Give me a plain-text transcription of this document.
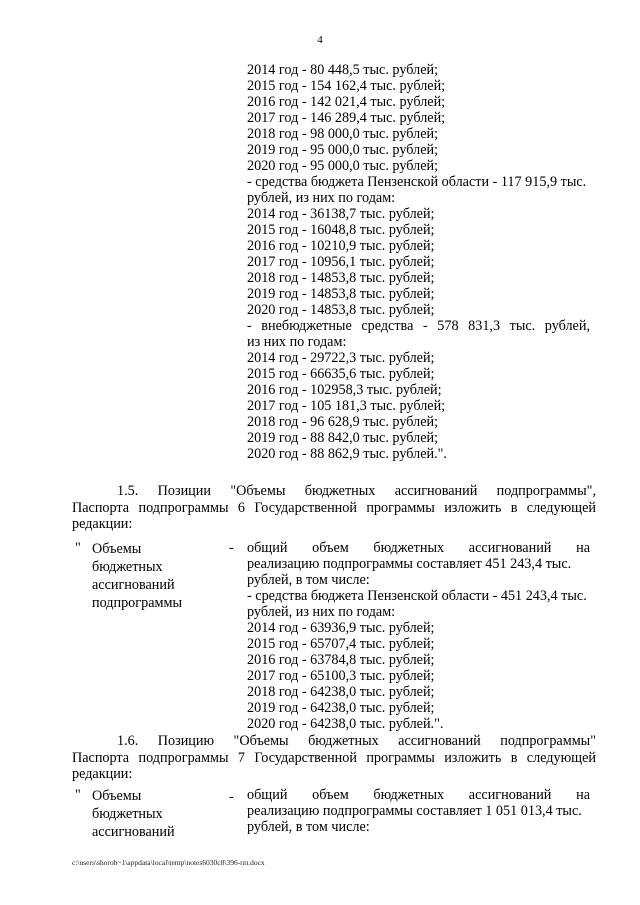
4
2014 год - 80 448,5 тыс. рублей;
2015 год - 154 162,4 тыс. рублей;
2016 год - 142 021,4 тыс. рублей;
2017 год - 146 289,4 тыс. рублей;
2018 год - 98 000,0 тыс. рублей;
2019 год - 95 000,0 тыс. рублей;
2020 год - 95 000,0 тыс. рублей;
- средства бюджета Пензенской области - 117 915,9 тыс.
рублей, из них по годам:
2014 год - 36138,7 тыс. рублей;
2015 год - 16048,8 тыс. рублей;
2016 год - 10210,9 тыс. рублей;
2017 год - 10956,1 тыс. рублей;
2018 год - 14853,8 тыс. рублей;
2019 год - 14853,8 тыс. рублей;
2020 год - 14853,8 тыс. рублей;
- внебюджетные средства - 578 831,3 тыс. рублей,
из них по годам:
2014 год - 29722,3 тыс. рублей;
2015 год - 66635,6 тыс. рублей;
2016 год - 102958,3 тыс. рублей;
2017 год - 105 181,3 тыс. рублей;
2018 год - 96 628,9 тыс. рублей;
2019 год - 88 842,0 тыс. рублей;
2020 год - 88 862,9 тыс. рублей.".
1.5. Позиции "Объемы бюджетных ассигнований подпрограммы",
Паспорта подпрограммы 6 Государственной программы изложить в следующей
редакции:
" Объемы
бюджетных
ассигнований
подпрограммы
- общий объем бюджетных ассигнований на
реализацию подпрограммы составляет 451 243,4 тыс.
рублей, в том числе:
- средства бюджета Пензенской области - 451 243,4 тыс.
рублей, из них по годам:
2014 год - 63936,9 тыс. рублей;
2015 год - 65707,4 тыс. рублей;
2016 год - 63784,8 тыс. рублей;
2017 год - 65100,3 тыс. рублей;
2018 год - 64238,0 тыс. рублей;
2019 год - 64238,0 тыс. рублей;
2020 год - 64238,0 тыс. рублей.".
1.6. Позицию "Объемы бюджетных ассигнований подпрограммы"
Паспорта подпрограммы 7 Государственной программы изложить в следующей
редакции:
" Объемы
бюджетных
ассигнований
- общий объем бюджетных ассигнований на
реализацию подпрограммы составляет 1 051 013,4 тыс.
рублей, в том числе:
c:\users\shorob~1\appdata\local\temp\notes6030c8\396-пп.docx
